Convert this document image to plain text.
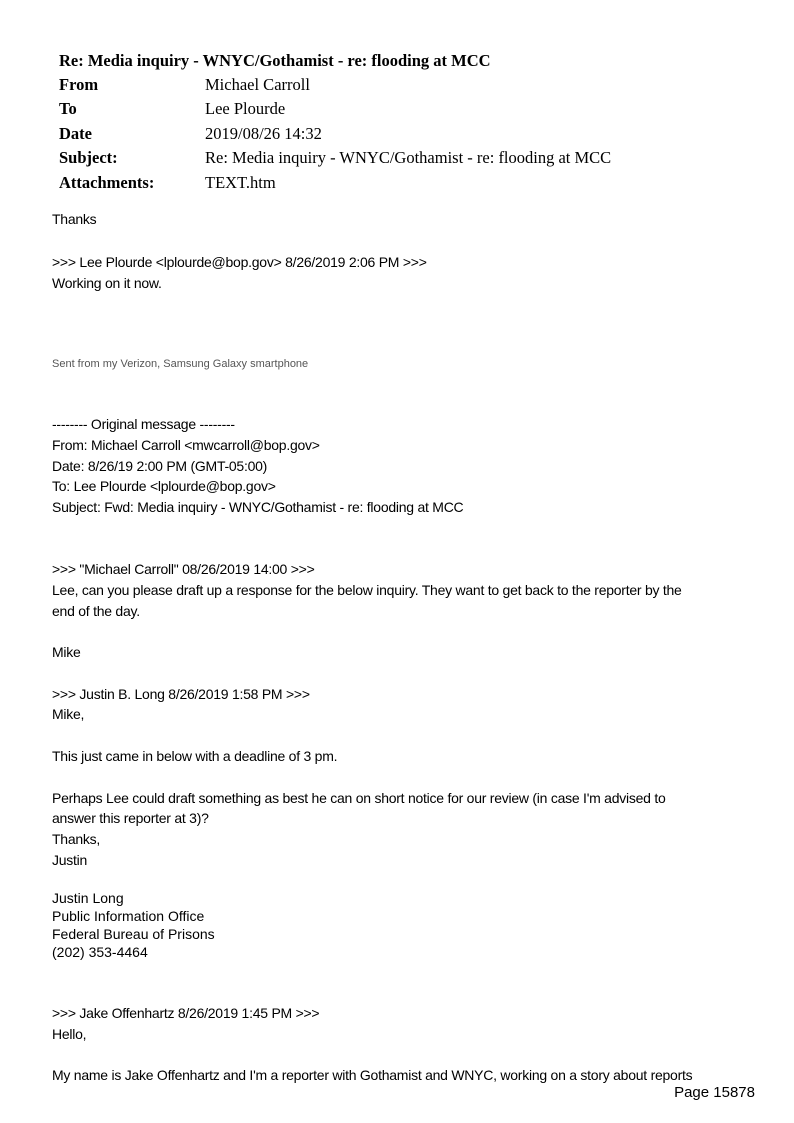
Re: Media inquiry - WNYC/Gothamist - re: flooding at MCC
From	Michael Carroll
To	Lee Plourde
Date	2019/08/26 14:32
Subject:	Re: Media inquiry - WNYC/Gothamist - re: flooding at MCC
Attachments:	TEXT.htm
Thanks
>>> Lee Plourde <lplourde@bop.gov> 8/26/2019 2:06 PM >>>
Working on it now.
Sent from my Verizon, Samsung Galaxy smartphone
-------- Original message --------
From: Michael Carroll <mwcarroll@bop.gov>
Date: 8/26/19 2:00 PM (GMT-05:00)
To: Lee Plourde <lplourde@bop.gov>
Subject: Fwd: Media inquiry - WNYC/Gothamist - re: flooding at MCC
>>> "Michael Carroll" 08/26/2019 14:00 >>>
Lee, can you please draft up a response for the below inquiry. They want to get back to the reporter by the
end of the day.
Mike
>>> Justin B. Long 8/26/2019 1:58 PM >>>
Mike,
This just came in below with a deadline of 3 pm.
Perhaps Lee could draft something as best he can on short notice for our review (in case I'm advised to
answer this reporter at 3)?
Thanks,
Justin
Justin Long
Public Information Office
Federal Bureau of Prisons
(202) 353-4464
>>> Jake Offenhartz 8/26/2019 1:45 PM >>>
Hello,
My name is Jake Offenhartz and I'm a reporter with Gothamist and WNYC, working on a story about reports
Page 15878
